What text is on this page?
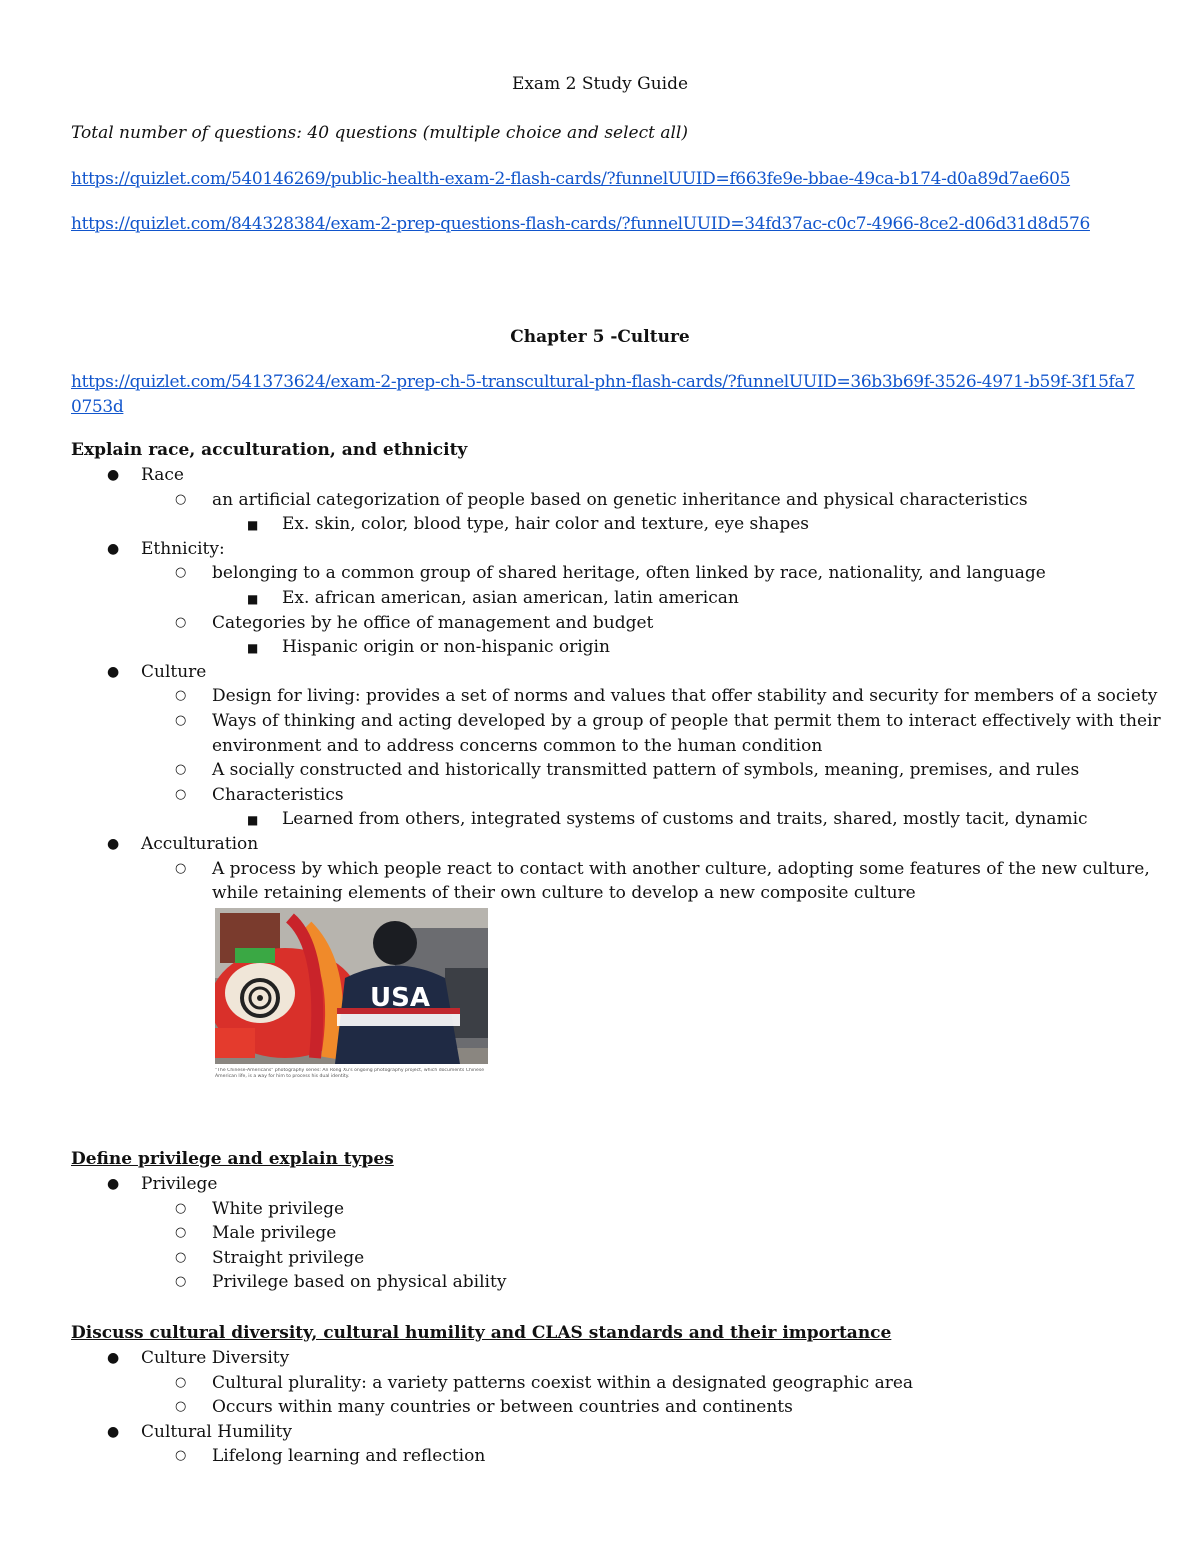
Exam 2 Study Guide
Total number of questions: 40 questions (multiple choice and select all)
https://quizlet.com/540146269/public-health-exam-2-flash-cards/?funnelUUID=f663fe9e-bbae-49ca-b174-d0a89d7ae605
https://quizlet.com/844328384/exam-2-prep-questions-flash-cards/?funnelUUID=34fd37ac-c0c7-4966-8ce2-d06d31d8d576
Chapter 5 -Culture
https://quizlet.com/541373624/exam-2-prep-ch-5-transcultural-phn-flash-cards/?funnelUUID=36b3b69f-3526-4971-b59f-3f15fa70753d
Explain race, acculturation, and ethnicity
● Race
○ an artificial categorization of people based on genetic inheritance and physical characteristics
■ Ex. skin, color, blood type, hair color and texture, eye shapes
● Ethnicity:
○ belonging to a common group of shared heritage, often linked by race, nationality, and language
■ Ex. african american, asian american, latin american
○ Categories by he office of management and budget
■ Hispanic origin or non-hispanic origin
● Culture
○ Design for living: provides a set of norms and values that offer stability and security for members of a society
○ Ways of thinking and acting developed by a group of people that permit them to interact effectively with their environment and to address concerns common to the human condition
○ A socially constructed and historically transmitted pattern of symbols, meaning, premises, and rules
○ Characteristics
■ Learned from others, integrated systems of customs and traits, shared, mostly tacit, dynamic
● Acculturation
○ A process by which people react to contact with another culture, adopting some features of the new culture, while retaining elements of their own culture to develop a new composite culture
USA
"The Chinese-Americans" photography series: An Rong Xu's ongoing photography project, which documents Chinese American life, is a way for him to process his dual identity.
Define privilege and explain types
● Privilege
○ White privilege
○ Male privilege
○ Straight privilege
○ Privilege based on physical ability
Discuss cultural diversity, cultural humility and CLAS standards and their importance
● Culture Diversity
○ Cultural plurality: a variety patterns coexist within a designated geographic area
○ Occurs within many countries or between countries and continents
● Cultural Humility
○ Lifelong learning and reflection
